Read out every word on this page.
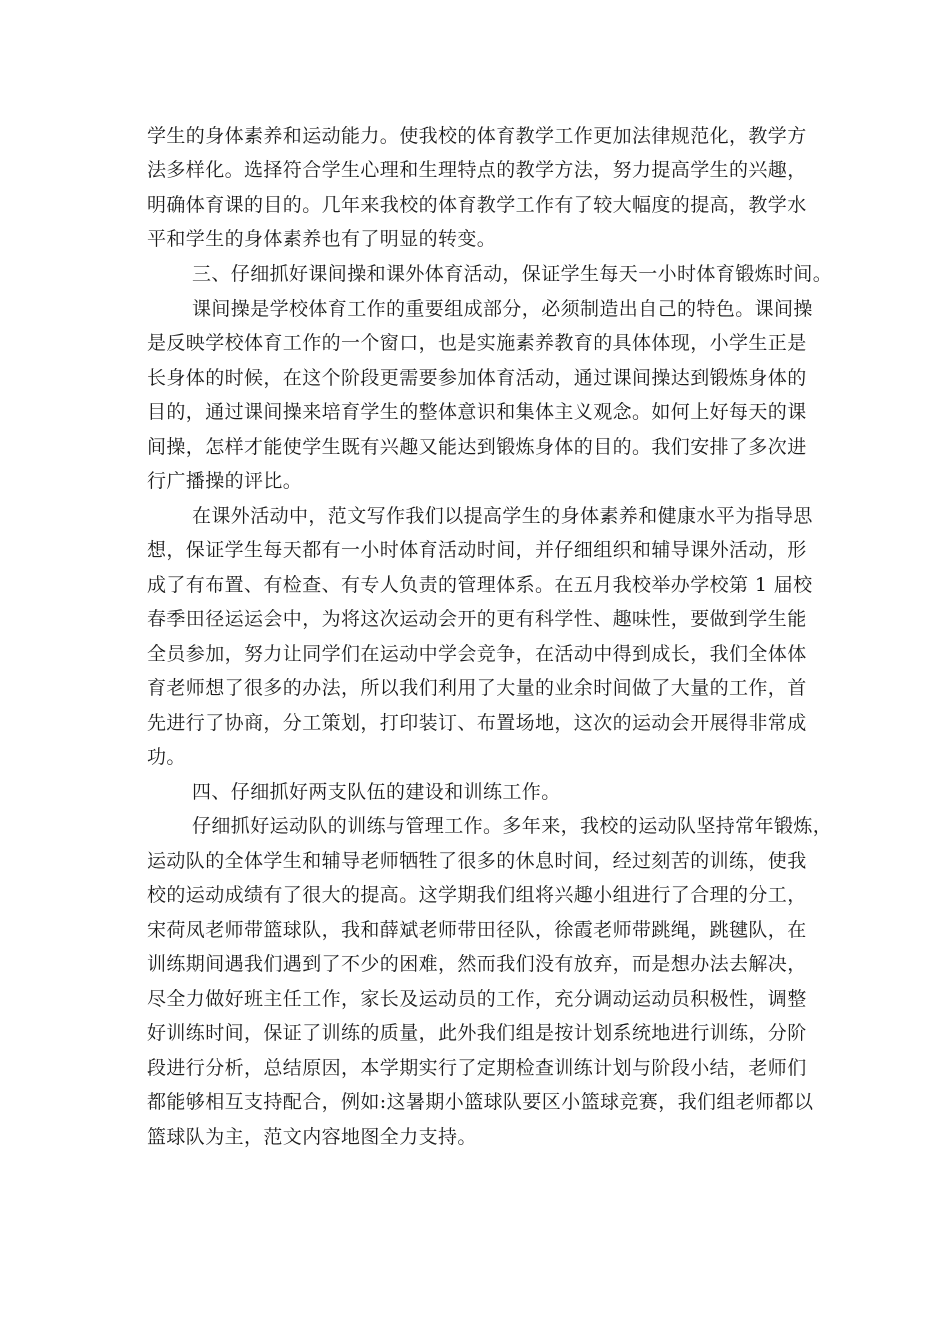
学生的身体素养和运动能力。使我校的体育教学工作更加法律规范化，教学方
法多样化。选择符合学生心理和生理特点的教学方法，努力提高学生的兴趣，
明确体育课的目的。几年来我校的体育教学工作有了较大幅度的提高，教学水
平和学生的身体素养也有了明显的转变。
三、仔细抓好课间操和课外体育活动，保证学生每天一小时体育锻炼时间。
课间操是学校体育工作的重要组成部分，必须制造出自己的特色。课间操
是反映学校体育工作的一个窗口，也是实施素养教育的具体体现，小学生正是
长身体的时候，在这个阶段更需要参加体育活动，通过课间操达到锻炼身体的
目的，通过课间操来培育学生的整体意识和集体主义观念。如何上好每天的课
间操，怎样才能使学生既有兴趣又能达到锻炼身体的目的。我们安排了多次进
行广播操的评比。
在课外活动中，范文写作我们以提高学生的身体素养和健康水平为指导思
想，保证学生每天都有一小时体育活动时间，并仔细组织和辅导课外活动，形
成了有布置、有检查、有专人负责的管理体系。在五月我校举办学校第 1 届校
春季田径运运会中，为将这次运动会开的更有科学性、趣味性，要做到学生能
全员参加，努力让同学们在运动中学会竞争，在活动中得到成长，我们全体体
育老师想了很多的办法，所以我们利用了大量的业余时间做了大量的工作，首
先进行了协商，分工策划，打印装订、布置场地，这次的运动会开展得非常成
功。
四、仔细抓好两支队伍的建设和训练工作。
仔细抓好运动队的训练与管理工作。多年来，我校的运动队坚持常年锻炼，
运动队的全体学生和辅导老师牺牲了很多的休息时间，经过刻苦的训练，使我
校的运动成绩有了很大的提高。这学期我们组将兴趣小组进行了合理的分工，
宋荷凤老师带篮球队，我和薛斌老师带田径队，徐霞老师带跳绳，跳毽队，在
训练期间遇我们遇到了不少的困难，然而我们没有放弃，而是想办法去解决，
尽全力做好班主任工作，家长及运动员的工作，充分调动运动员积极性，调整
好训练时间，保证了训练的质量，此外我们组是按计划系统地进行训练，分阶
段进行分析，总结原因，本学期实行了定期检查训练计划与阶段小结，老师们
都能够相互支持配合，例如:这暑期小篮球队要区小篮球竞赛，我们组老师都以
篮球队为主，范文内容地图全力支持。
